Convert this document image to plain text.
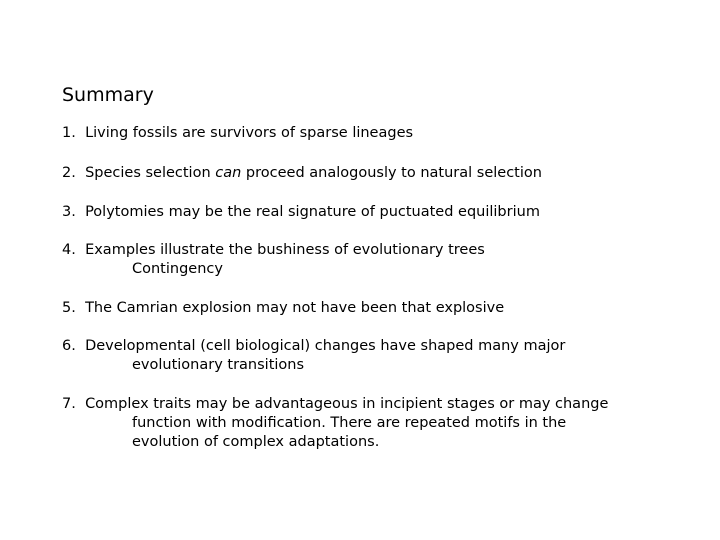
Summary
1. Living fossils are survivors of sparse lineages
2. Species selection can proceed analogously to natural selection
3. Polytomies may be the real signature of puctuated equilibrium
4. Examples illustrate the bushiness of evolutionary trees
Contingency
5. The Camrian explosion may not have been that explosive
6. Developmental (cell biological) changes have shaped many major
evolutionary transitions
7. Complex traits may be advantageous in incipient stages or may change
function with modification. There are repeated motifs in the
evolution of complex adaptations.
